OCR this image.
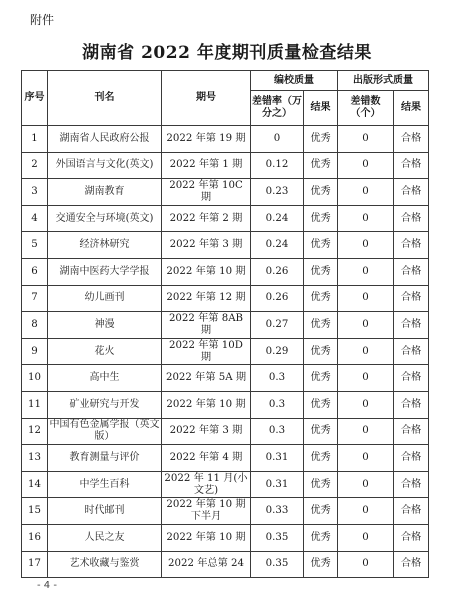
附件
湖南省 2022 年度期刊质量检查结果
序号	刊名	期号	编校质量		出版形式质量	
			差错率（万分之）	结果	差错数（个）	结果
1	湖南省人民政府公报	2022 年第 19 期	0	优秀	0	合格
2	外国语言与文化(英文)	2022 年第 1 期	0.12	优秀	0	合格
3	湖南教育	2022 年第 10C 期	0.23	优秀	0	合格
4	交通安全与环境(英文)	2022 年第 2 期	0.24	优秀	0	合格
5	经济林研究	2022 年第 3 期	0.24	优秀	0	合格
6	湖南中医药大学学报	2022 年第 10 期	0.26	优秀	0	合格
7	幼儿画刊	2022 年第 12 期	0.26	优秀	0	合格
8	神漫	2022 年第 8AB 期	0.27	优秀	0	合格
9	花火	2022 年第 10D 期	0.29	优秀	0	合格
10	高中生	2022 年第 5A 期	0.3	优秀	0	合格
11	矿业研究与开发	2022 年第 10 期	0.3	优秀	0	合格
12	中国有色金属学报（英文版）	2022 年第 3 期	0.3	优秀	0	合格
13	教育测量与评价	2022 年第 4 期	0.31	优秀	0	合格
14	中学生百科	2022 年 11 月(小文艺)	0.31	优秀	0	合格
15	时代邮刊	2022 年第 10 期下半月	0.33	优秀	0	合格
16	人民之友	2022 年第 10 期	0.35	优秀	0	合格
17	艺术收藏与鉴赏	2022 年总第 24	0.35	优秀	0	合格
- 4 -
